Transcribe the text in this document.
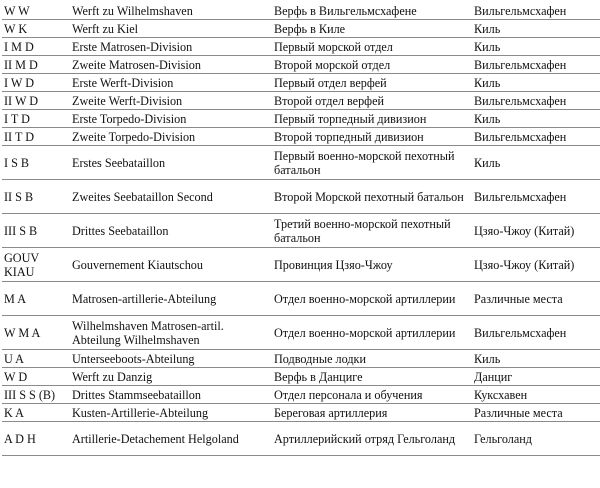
W W	Werft zu Wilhelmshaven	Верфь в Вильгельмсхафене	Вильгельмсхафен
W K	Werft zu Kiel	Верфь в Киле	Киль
I M D	Erste Matrosen-Division	Первый морской отдел	Киль
II M D	Zweite Matrosen-Division	Второй морской отдел	Вильгельмсхафен
I W D	Erste Werft-Division	Первый отдел верфей	Киль
II W D	Zweite Werft-Division	Второй отдел верфей	Вильгельмсхафен
I T D	Erste Torpedo-Division	Первый торпедный дивизион	Киль
II T D	Zweite Torpedo-Division	Второй торпедный дивизион	Вильгельмсхафен
I S B	Erstes Seebataillon	Первый военно-морской пехотный батальон	Киль
II S B	Zweites Seebataillon Second	Второй Морской пехотный батальон	Вильгельмсхафен
III S B	Drittes Seebataillon	Третий военно-морской пехотный батальон	Цзяо-Чжоу (Китай)
GOUV KIAU	Gouvernement Kiautschou	Провинция Цзяо-Чжоу	Цзяо-Чжоу (Китай)
M A	Matrosen-artillerie-Abteilung	Отдел военно-морской артиллерии	Различные места
W M A	Wilhelmshaven Matrosen-artil. Abteilung Wilhelmshaven	Отдел военно-морской артиллерии	Вильгельмсхафен
U A	Unterseeboots-Abteilung	Подводные лодки	Киль
W D	Werft zu Danzig	Верфь в Данциге	Данциг
III S S (B)	Drittes Stammseebataillon	Отдел персонала и обучения	Куксхавен
K A	Kusten-Artillerie-Abteilung	Береговая артиллерия	Различные места
A D H	Artillerie-Detachement Helgoland	Артиллерийский отряд Гельголанд	Гельголанд
